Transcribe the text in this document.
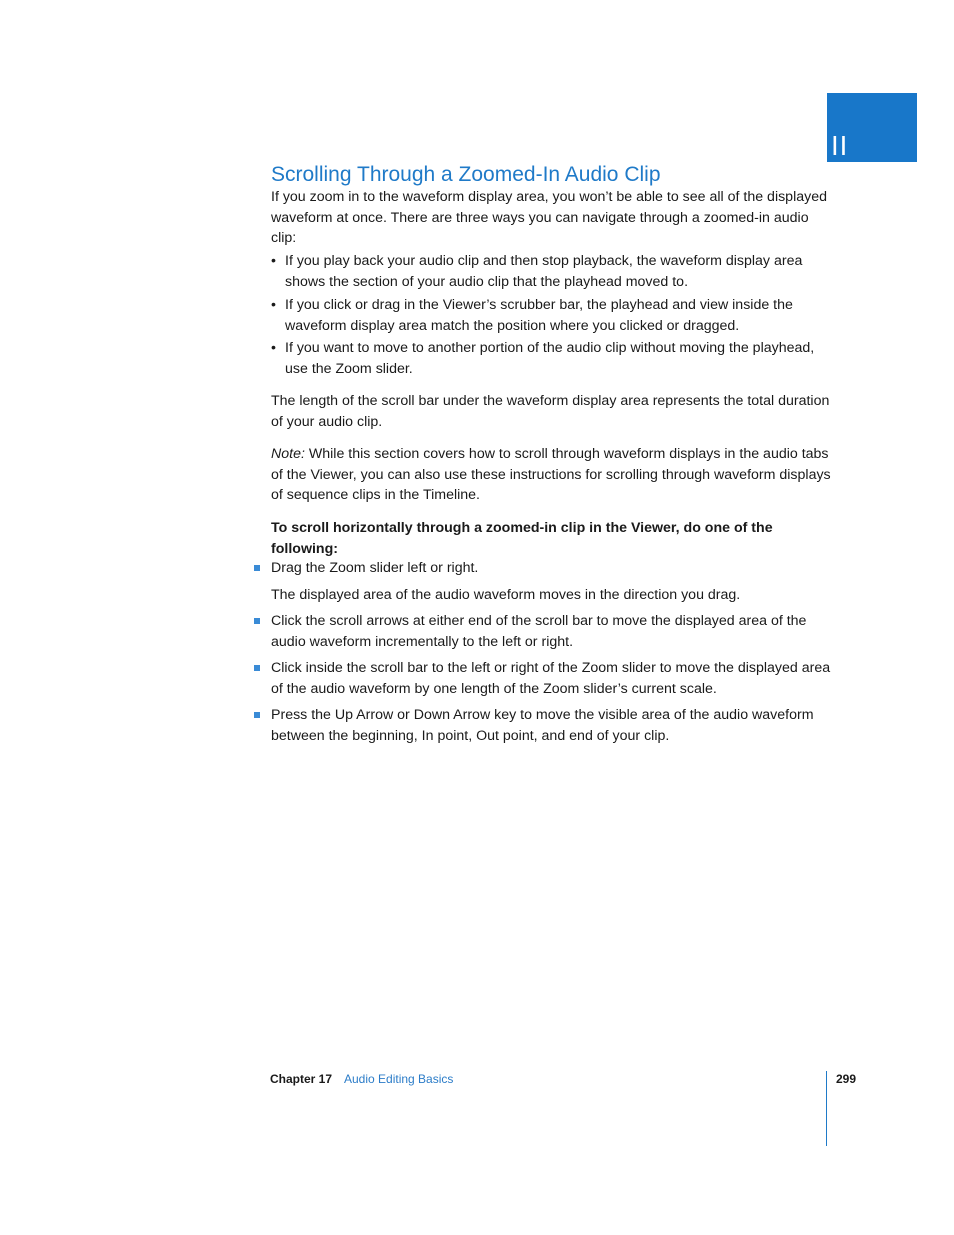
II
Scrolling Through a Zoomed-In Audio Clip

If you zoom in to the waveform display area, you won’t be able to see all of the displayed waveform at once. There are three ways you can navigate through a zoomed-in audio clip:

• If you play back your audio clip and then stop playback, the waveform display area shows the section of your audio clip that the playhead moved to.
• If you click or drag in the Viewer’s scrubber bar, the playhead and view inside the waveform display area match the position where you clicked or dragged.
• If you want to move to another portion of the audio clip without moving the playhead, use the Zoom slider.

The length of the scroll bar under the waveform display area represents the total duration of your audio clip.

Note: While this section covers how to scroll through waveform displays in the audio tabs of the Viewer, you can also use these instructions for scrolling through waveform displays of sequence clips in the Timeline.

To scroll horizontally through a zoomed-in clip in the Viewer, do one of the following:

Drag the Zoom slider left or right.

The displayed area of the audio waveform moves in the direction you drag.

Click the scroll arrows at either end of the scroll bar to move the displayed area of the audio waveform incrementally to the left or right.
Click inside the scroll bar to the left or right of the Zoom slider to move the displayed area of the audio waveform by one length of the Zoom slider’s current scale.
Press the Up Arrow or Down Arrow key to move the visible area of the audio waveform between the beginning, In point, Out point, and end of your clip.
Chapter 17 Audio Editing Basics	299
